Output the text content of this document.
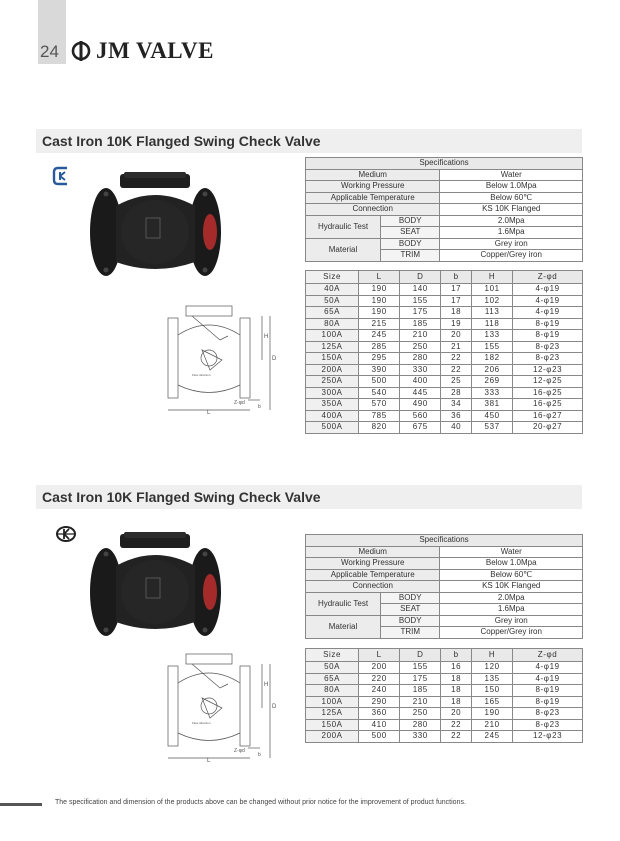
24 JM VALVE
Cast Iron 10K Flanged Swing Check Valve
H
D
L
b
Z-φd
Flow direction
Specifications		
Medium		Water
Working Pressure		Below 1.0Mpa
Applicable Temperature		Below 60℃
Connection		KS 10K Flanged
Hydraulic Test	BODY	2.0Mpa
	SEAT	1.6Mpa
Material	BODY	Grey iron
	TRIM	Copper/Grey iron
Size	L	D	b	H	Z-φd
40A	190	140	17	101	4-φ19
50A	190	155	17	102	4-φ19
65A	190	175	18	113	4-φ19
80A	215	185	19	118	8-φ19
100A	245	210	20	133	8-φ19
125A	285	250	21	155	8-φ23
150A	295	280	22	182	8-φ23
200A	390	330	22	206	12-φ23
250A	500	400	25	269	12-φ25
300A	540	445	28	333	16-φ25
350A	570	490	34	381	16-φ25
400A	785	560	36	450	16-φ27
500A	820	675	40	537	20-φ27
Cast Iron 10K Flanged Swing Check Valve
H
D
L
b
Z-φd
Flow direction
Specifications		
Medium		Water
Working Pressure		Below 1.0Mpa
Applicable Temperature		Below 60℃
Connection		KS 10K Flanged
Hydraulic Test	BODY	2.0Mpa
	SEAT	1.6Mpa
Material	BODY	Grey iron
	TRIM	Copper/Grey iron
Size	L	D	b	H	Z-φd
50A	200	155	16	120	4-φ19
65A	220	175	18	135	4-φ19
80A	240	185	18	150	8-φ19
100A	290	210	18	165	8-φ19
125A	360	250	20	190	8-φ23
150A	410	280	22	210	8-φ23
200A	500	330	22	245	12-φ23
The specification and dimension of the products above can be changed without prior notice for the improvement of product functions.
